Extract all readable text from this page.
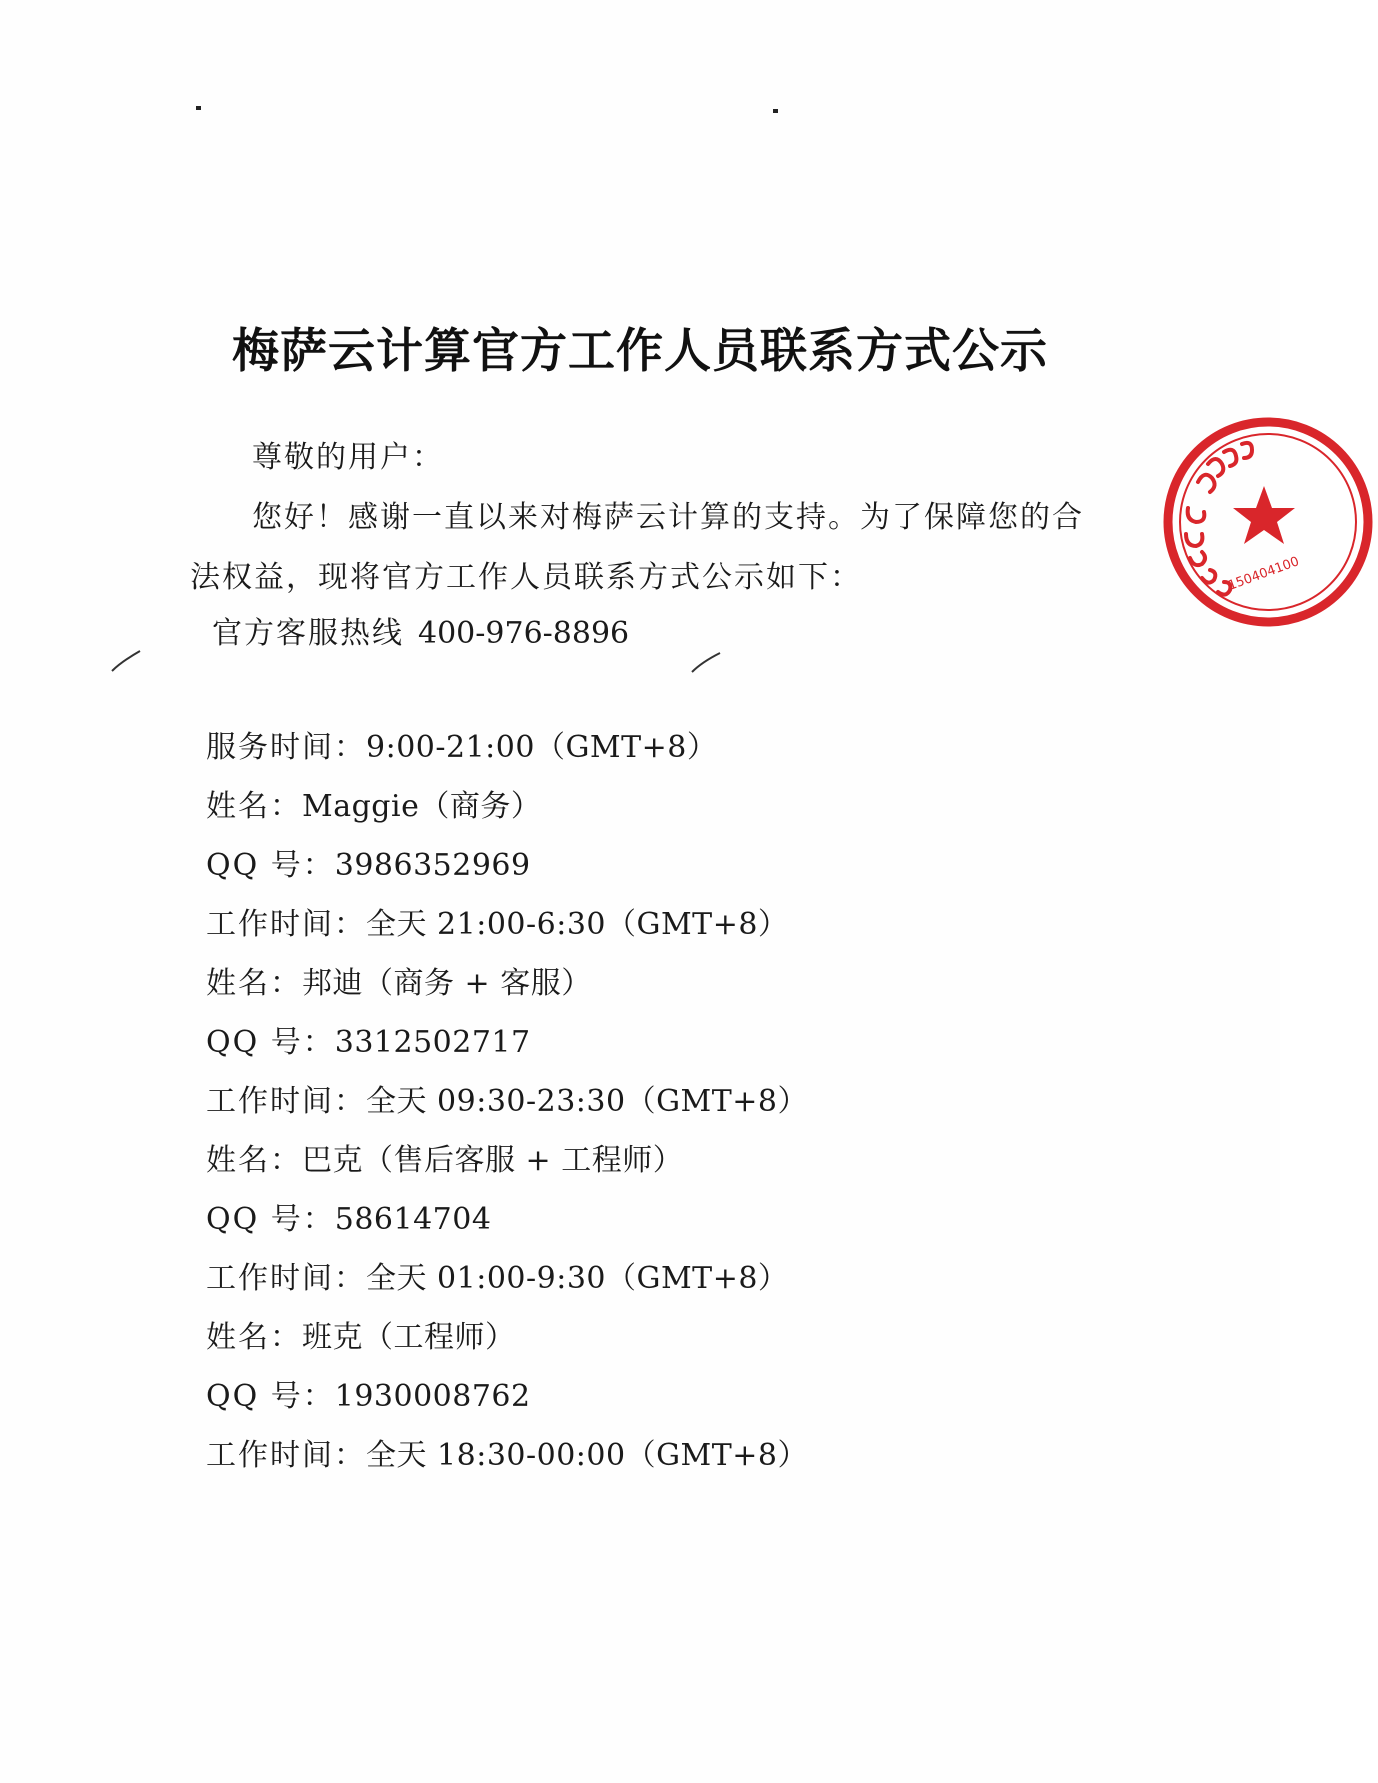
梅萨云计算官方工作人员联系方式公示
尊敬的用户：
您好！感谢一直以来对梅萨云计算的支持。为了保障您的合法权益，现将官方工作人员联系方式公示如下：
官方客服热线 400-976-8896
服务时间：9:00-21:00（GMT+8）
姓名：Maggie（商务）
QQ 号：3986352969
工作时间：全天 21:00-6:30（GMT+8）
姓名：邦迪（商务 + 客服）
QQ 号：3312502717
工作时间：全天 09:30-23:30（GMT+8）
姓名：巴克（售后客服 + 工程师）
QQ 号：58614704
工作时间：全天 01:00-9:30（GMT+8）
姓名：班克（工程师）
QQ 号：1930008762
工作时间：全天 18:30-00:00（GMT+8）
150404100
